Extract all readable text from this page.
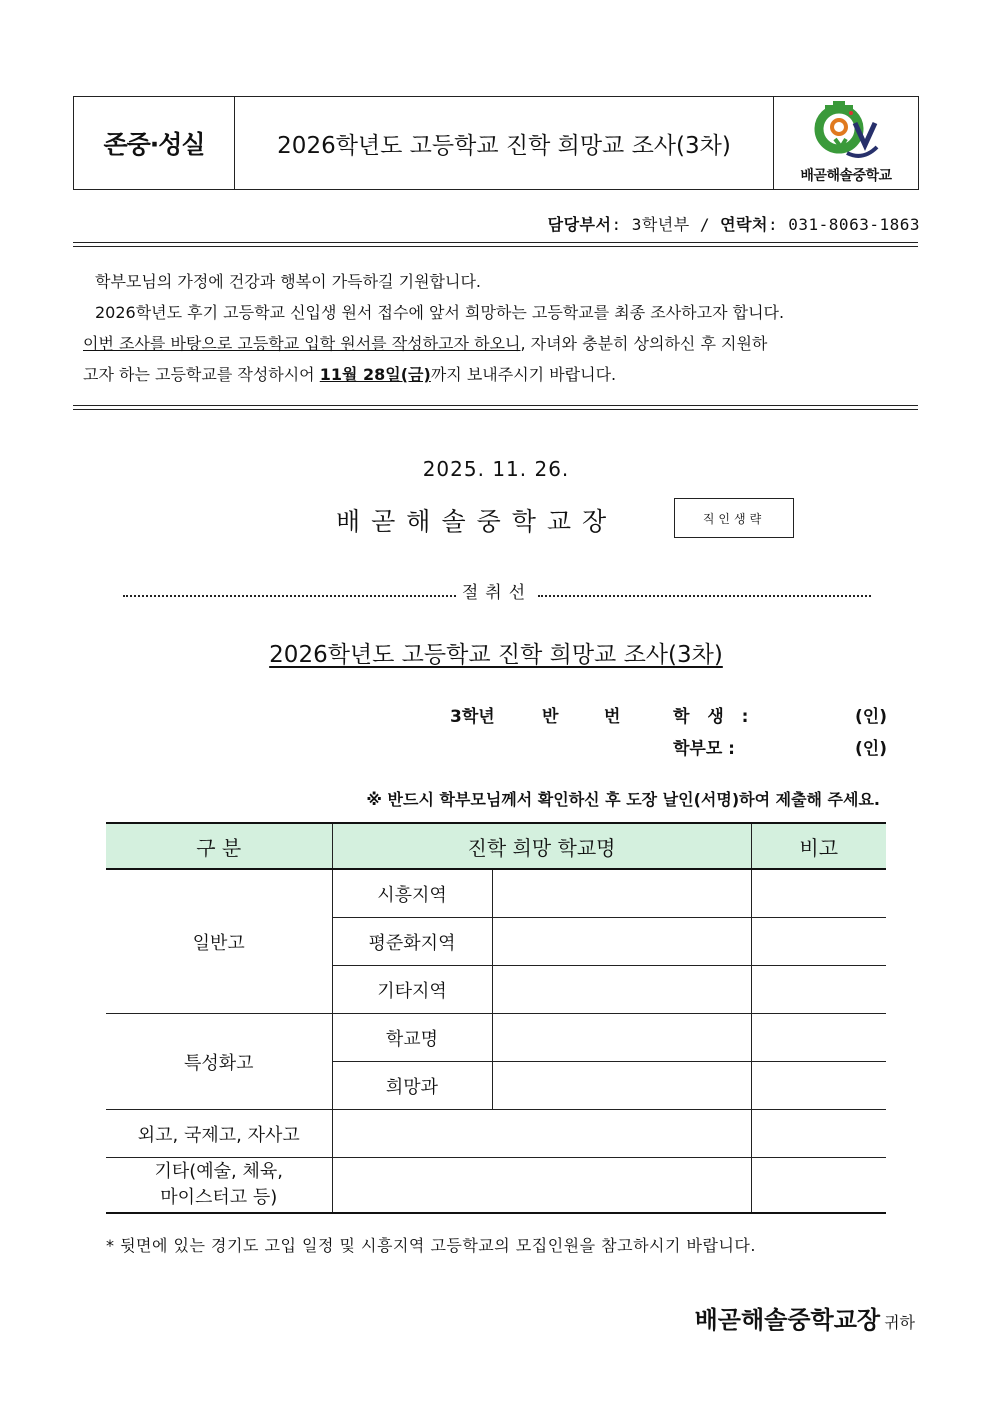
존중·성실	2026학년도 고등학교 진학 희망교 조사(3차)
배곧해솔중학교
담당부서: 3학년부 / 연락처: 031-8063-1863

학부모님의 가정에 건강과 행복이 가득하길 기원합니다.

2026학년도 후기 고등학교 신입생 원서 접수에 앞서 희망하는 고등학교를 최종 조사하고자 합니다.

이번 조사를 바탕으로 고등학교 입학 원서를 작성하고자 하오니, 자녀와 충분히 상의하신 후 지원하

고자 하는 고등학교를 작성하시어 11월 28일(금)까지 보내주시기 바랍니다.

2025. 11. 26.
배곧해솔중학교장	직인생략
절취선
2026학년도 고등학교 진학 희망교 조사(3차)
3학년	반	번	학 생 :	(인)
학부모 :	(인)
※ 반드시 학부모님께서 확인하신 후 도장 날인(서명)하여 제출해 주세요.
구 분	진학 희망 학교명		비고
일반고	시흥지역		
	평준화지역		
	기타지역		
특성화고	학교명		
	희망과		
외고, 국제고, 자사고			

기타(예술, 체육,
마이스터고 등)			

* 뒷면에 있는 경기도 고입 일정 및 시흥지역 고등학교의 모집인원을 참고하시기 바랍니다.
배곧해솔중학교장 귀하
